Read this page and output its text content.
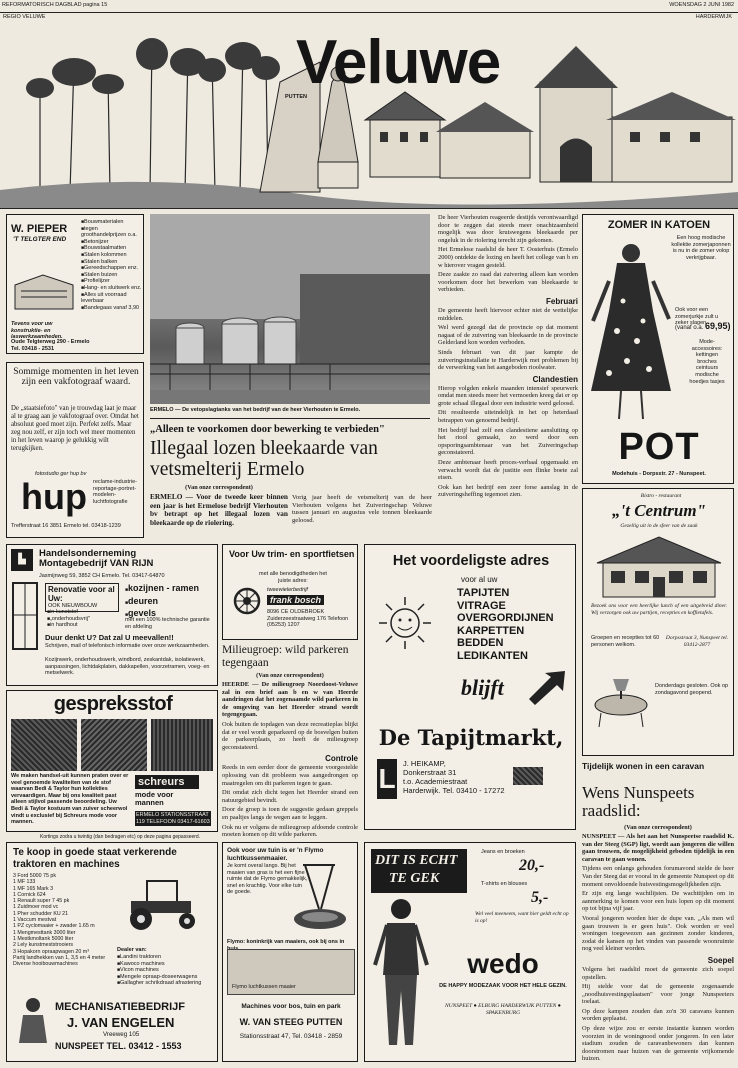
REFORMATORISCH DAGBLAD pagina 15	WOENSDAG 2 JUNI 1982
REGIO VELUWE	HARDERWIJK
Veluwe
PUTTEN
W. PIEPER
'T TELGTER END
■ Bouwmaterialen
■ tegen groothandelprijzen o.a.
■ Betonijzer
■ Bouwstaalmatten
■ Stalen kolommen
■ Stalen balken
■ Gereedschappen enz.
■ Stalen buizen
■ Profielijzer
■ Hang- en sluitwerk enz.
■ Alles uit voorraad leverbaar
■ Bandegaas vanaf 3,90
Tevens voor uw konstruktie- en laswerkzaamheden.
Oude Telgterweg 290 - Ermelo
Tel. 03418 - 2531
Sommige momenten in het leven
zijn een vakfotograaf waard.
De „staatsiefoto" van je trouwdag laat je maar al te graag aan je vakfotograaf over. Omdat het absoluut goed moet zijn. Perfekt zelfs. Maar zeg nou zelf, er zijn toch wel meer momenten in het leven waarop je gelukkig wilt terugkijken.
fotostudio ger hup bv
hup reclame-industrie-reportage-portret-modelen-luchtfotografie
Trefferstraat 16 3851 Ermelo tel. 03418-1239
ERMELO — De vetopslagtanks van het bedrijf van de heer Vierhouten te Ermelo.
„Alleen te voorkomen door bewerking te verbieden"
Illegaal lozen bleekaarde van vetsmelterij Ermelo
(Van onze correspondent)
ERMELO — Voor de tweede keer binnen een jaar is het Ermelose bedrijf Vierhouten bv betrapt op het illegaal lozen van bleekaarde op de riolering.
Vorig jaar heeft de vetsmelterij van de heer Vierhouten volgens het Zuiveringschap Veluwe tussen januari en augustus vele tonnen bleekaarde geloosd.

De heer Vierhouten reageerde destijds verontwaardigd door te zeggen dat steeds meer onachtzaamheid mogelijk was door kruiswegens bleekaarde per ongeluk in de riolering terecht zijn gekomen.

Het Ermelose raadslid de heer T. Oosterhuis (Ermelo 2000) ontdekte de lozing en heeft het college van b en w hierover vragen gesteld.

Deze zaakte zo raad dat zuivering alleen kan worden voorkomen door het bewerken van bleekaarde te verbieden.

Februari

De gemeente heeft hiervoor echter niet de wettelijke middelen.

Wel werd gezegd dat de provincie op dat moment nagaat of de zuivering van bleekaarde in de provincie Gelderland kon worden verboden.

Sinds februari van dit jaar kampte de zuiveringsinstallatie te Harderwijk met problemen bij de verwerking van het aangeboden rioolwater.

Clandestien

Hierop volgden enkele maanden intensief speurwerk omdat men steeds meer het vermoeden kreeg dat er op grote schaal illegaal door een industrie werd geloosd.

Dit resulteerde uiteindelijk in het op heterdaad betrappen van genoemd bedrijf.

Het bedrijf had zelf een clandestiene aansluiting op het riool gemaakt, zo werd door een opsporingsambtenaar van het Zuiveringschap geconstateerd.

Deze ambtenaar heeft proces-verbaal opgemaakt en verwacht wordt dat de justitie een flinke boete zal eisen.

Ook kan het bedrijf een zeer forse aanslag in de zuiveringsheffing tegemoet zien.

ZOMER IN KATOEN
Een hoog modische kollektie zomerjaponnen is nu in de zomer volop verkrijgbaar.
Ook voor een zomerjurkje zult u zeker slagen
(vanaf o.a. 69,95)
Mode-accessoires: kettingen broches ceintuurs modische hoedjes tasjes
POT
Modehuis - Dorpsstr. 27 - Nunspeet.
Bistro - restaurant
„'t Centrum"
Gezellig uit in de sfeer van de zaak
Bezoek ons voor een heerlijke lunch of een uitgebreid diner. Wij verzorgen ook uw partijen, recepties en koffietafels.
Groepen en recepties tot 60 personen welkom.
Dorpsstraat 3, Nunspeet tel. 03412-2877
Donderdags gesloten. Ook op zondagavond geopend.
▙
Handelsonderneming
Montagebedrijf VAN RIJN
Jasmijnweg 59, 3852 CH Ermelo. Tel. 03417-64870
Renovatie voor al Uw:
OOK NIEUWBOUW
■ kozijnen - ramen
■ deuren
■ gevels
■ in kunststof
■ „onderhoudsvrij"
■ in hardhout
met een 100% technische garantie en afdeling
Duur denkt U? Dat zal U meevallen!!
Schrijven, mail of telefonisch informatie over onze werkzaamheden.
Kozijnwerk, onderhoudswerk, windbord, zeskantdak, isolatiewerk, aanpassingen, lichtdakplaten, dakkapellen, voorzetramen, voeg- en metselwerk.
Voor Uw trim- en sportfietsen
met alle benodigdheden het juiste adres:
tweewielerbedrijf
frank bosch
8096 CE OLDEBROEK Zuiderzeestraatweg 176 Telefoon (05253) 1207
Milieugroep: wild parkeren tegengaan
(Van onze correspondent)

HEERDE — De milieugroep Noordoost-Veluwe zal in een brief aan b en w van Heerde aandringen dat het zogenaamde wild parkeren in de omgeving van het Heerder strand wordt tegengegaan.

Ook buiten de topdagen van deze recreatieplas blijkt dat er veel wordt geparkeerd op de bosvelgen buiten de parkeerplaats, zo heeft de milieugroep geconstateerd.

Controle

Reeds in een eerder door de gemeente voorgestelde oplossing van dit probleem was aangedrongen op maatregelen om dit parkeren tegen te gaan.

Dit omdat zich dicht tegen het Heerder strand een natuurgebied bevindt.

Door de groep is toen de suggestie gedaan greppels en paaltjes langs de wegen aan te leggen.

Ook nu er volgens de milieugroep afdoende controle moeten komen op dit wilde parkeren.

Het voordeligste adres
voor al uw
TAPIJTEN
VITRAGE
OVERGORDIJNEN
KARPETTEN
BEDDEN
LEDIKANTEN
blijft
De Tapijtmarkt,
L J. HEIKAMP,
Donkerstraat 31
t.o. Academiestraat
Harderwijk. Tel. 03410 - 17272
gespreksstof
We maken handsel-uit kunnen praten over er veel genoemde kwaliteiten van de stof waarvan Bedi & Taylor hun kollekties vervaardigen. Maar bij ons kwaliteit past alleen stijlvol passende beoordeling. Uw Bedi & Taylor kostuum van zuiver scheerwol vindt u exclusief bij Schreurs mode voor mannen.
schreurs
mode voor mannen
ERMELO STATIONSSTRAAT 119 TELEFOON 03417-61603
Kortings zodra u twintig (dan bedragen etc) op deze pagina gepasseerd.
Tijdelijk wonen in een caravan
Wens Nunspeets raadslid:
(Van onze correspondent)

NUNSPEET — Als het aan het Nunspeetse raadslid K. van der Steeg (SGP) ligt, wordt aan jongeren die willen gaan trouwen, de mogelijkheid geboden tijdelijk in een caravan te gaan wonen.

Tijdens een onlangs gehouden forumavond stelde de heer Van der Steeg dat er vooral in de gemeente Nunspeet op dit moment onvoldoende huisvestingsmogelijkheden zijn.

Er zijn erg lange wachtlijsten. De wachttijden om in aanmerking te komen voor een huis lopen op dit moment op tot bijna vijf jaar.

Vooral jongeren worden hier de dupe van. „Als men wil gaan trouwen is er geen huis". Ook worden er veel woningen toegewezen aan gezinnen zonder kinderen, zodat de kansen op het vinden van passende woonruimte nog veel kleiner worden.

Soepel

Volgens het raadslid moet de gemeente zich soepel opstellen.

Hij stelde voor dat de gemeente zogenaamde „noodhuisvestingsplaatsen" voor jonge Nunspeeters toelaat.

Op deze kampen zouden dan zo'n 30 caravans kunnen worden geplaatst.

Op deze wijze zou er eerste instantie kunnen worden voorzien in de woningnood onder jongeren. In een later stadium zouden de caravanbewoners dan kunnen doorstromen naar huizen van de gemeente vrijkomende huizen.

Te koop in goede staat verkerende traktoren en machines
3 Ford 5000 75 pk
1 MF 133
1 MF 165 Mark 3
1 Cornick 624
1 Renault super 7 45 pk
1 Zuidmoer mod vc
1 Pher schudder KU 21
1 Vaccum mestvat
1 PZ cyclomaaier + zwader 1.65 m
1 Mengmesttank 3000 liter
1 Mestkmoltank 5000 liter
2 Lely kunstmeststrooiers
3 Hopakorn opraapwagen 20 m³
Partij landhekken van 1, 3,5 en 4 meter
Diverse hooibouwmachines
Dealer van:
■ Landini traktoren
■ Kawoco machines
■ Vicon machines
■ Mengele opraap-doseerwagens
■ Gallagher schrikdraad afrastering
MECHANISATIEBEDRIJF
J. VAN ENGELEN
Vreeweg 105
NUNSPEET TEL. 03412 - 1553
Ook voor uw tuin is er 'n Flymo luchtkussenmaaier.
Je komt overal langs. Bij het maaien van gras is het een fijne ruimte dat de Flymo gemakkelijk, snel en krachtig. Voor elke tuin de goede.
Flymo: koninkrijk van maaiers, ook bij ons in
Flymo luchtkussen maaier
Machines voor bos, tuin en park
W. VAN STEEG PUTTEN
Stationsstraat 47, Tel. 03418 - 2859
DIT IS ECHT
TE GEK
Jeans en broeken
20,-
T-shirts en blouses
5,-
Wel veel meeneem, want hier geldt echt op is op!
wedo
DE HAPPY MODEZAAK VOOR HET HELE GEZIN.
NUNSPEET ● ELBURG HARDERWIJK PUTTEN ● SPAKENBURG
